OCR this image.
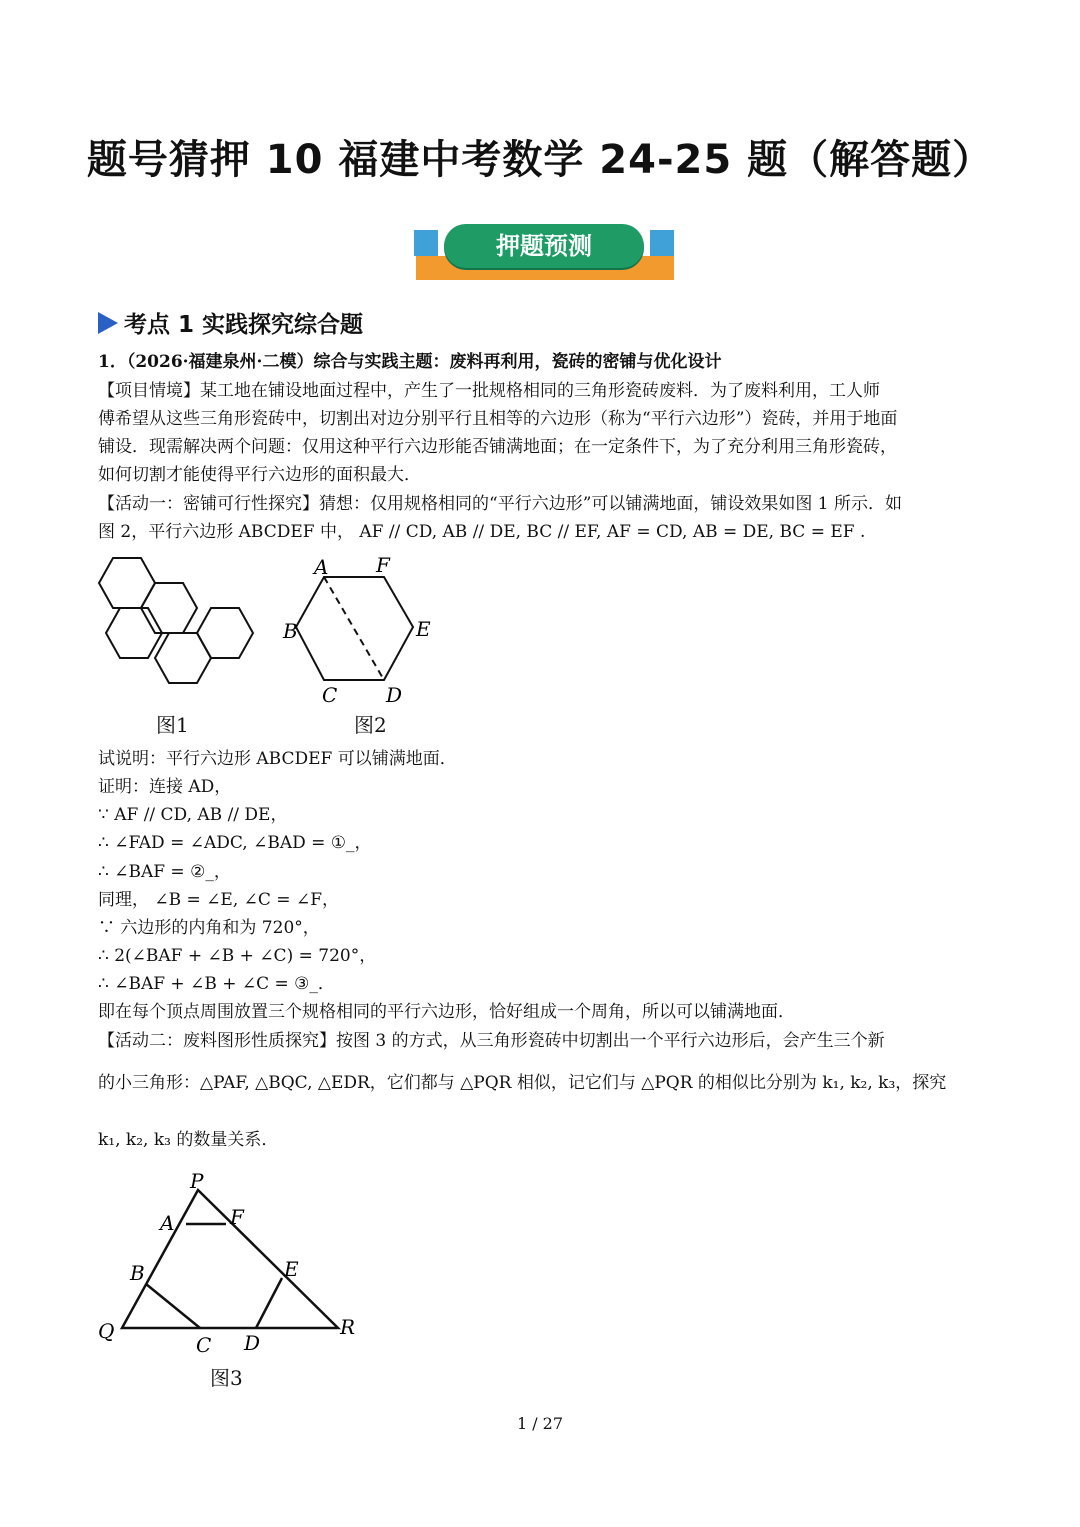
题号猜押 10 福建中考数学 24-25 题（解答题）
押题预测
考点 1 实践探究综合题
1．（2026·福建泉州·二模）综合与实践主题：废料再利用，瓷砖的密铺与优化设计
【项目情境】某工地在铺设地面过程中，产生了一批规格相同的三角形瓷砖废料．为了废料利用，工人师
傅希望从这些三角形瓷砖中，切割出对边分别平行且相等的六边形（称为“平行六边形”）瓷砖，并用于地面
铺设．现需解决两个问题：仅用这种平行六边形能否铺满地面；在一定条件下，为了充分利用三角形瓷砖，
如何切割才能使得平行六边形的面积最大．
【活动一：密铺可行性探究】猜想：仅用规格相同的“平行六边形”可以铺满地面，铺设效果如图 1 所示．如
图 2，平行六边形 ABCDEF 中， AF // CD, AB // DE, BC // EF, AF = CD, AB = DE, BC = EF .
图1
A F
B	E
C D
图2
试说明：平行六边形 ABCDEF 可以铺满地面．
证明：连接 AD，
∵ AF // CD, AB // DE，
∴ ∠FAD = ∠ADC, ∠BAD = ①_，
∴ ∠BAF = ②_，
同理， ∠B = ∠E, ∠C = ∠F，
∵ 六边形的内角和为 720°，
∴ 2(∠BAF + ∠B + ∠C) = 720°，
∴ ∠BAF + ∠B + ∠C = ③_．
即在每个顶点周围放置三个规格相同的平行六边形，恰好组成一个周角，所以可以铺满地面．
【活动二：废料图形性质探究】按图 3 的方式，从三角形瓷砖中切割出一个平行六边形后，会产生三个新
的小三角形：△PAF, △BQC, △EDR，它们都与 △PQR 相似，记它们与 △PQR 的相似比分别为 k₁, k₂, k₃，探究
k₁, k₂, k₃ 的数量关系．
P
A	F
B	E
Q
C D
R
图3
1 / 27
